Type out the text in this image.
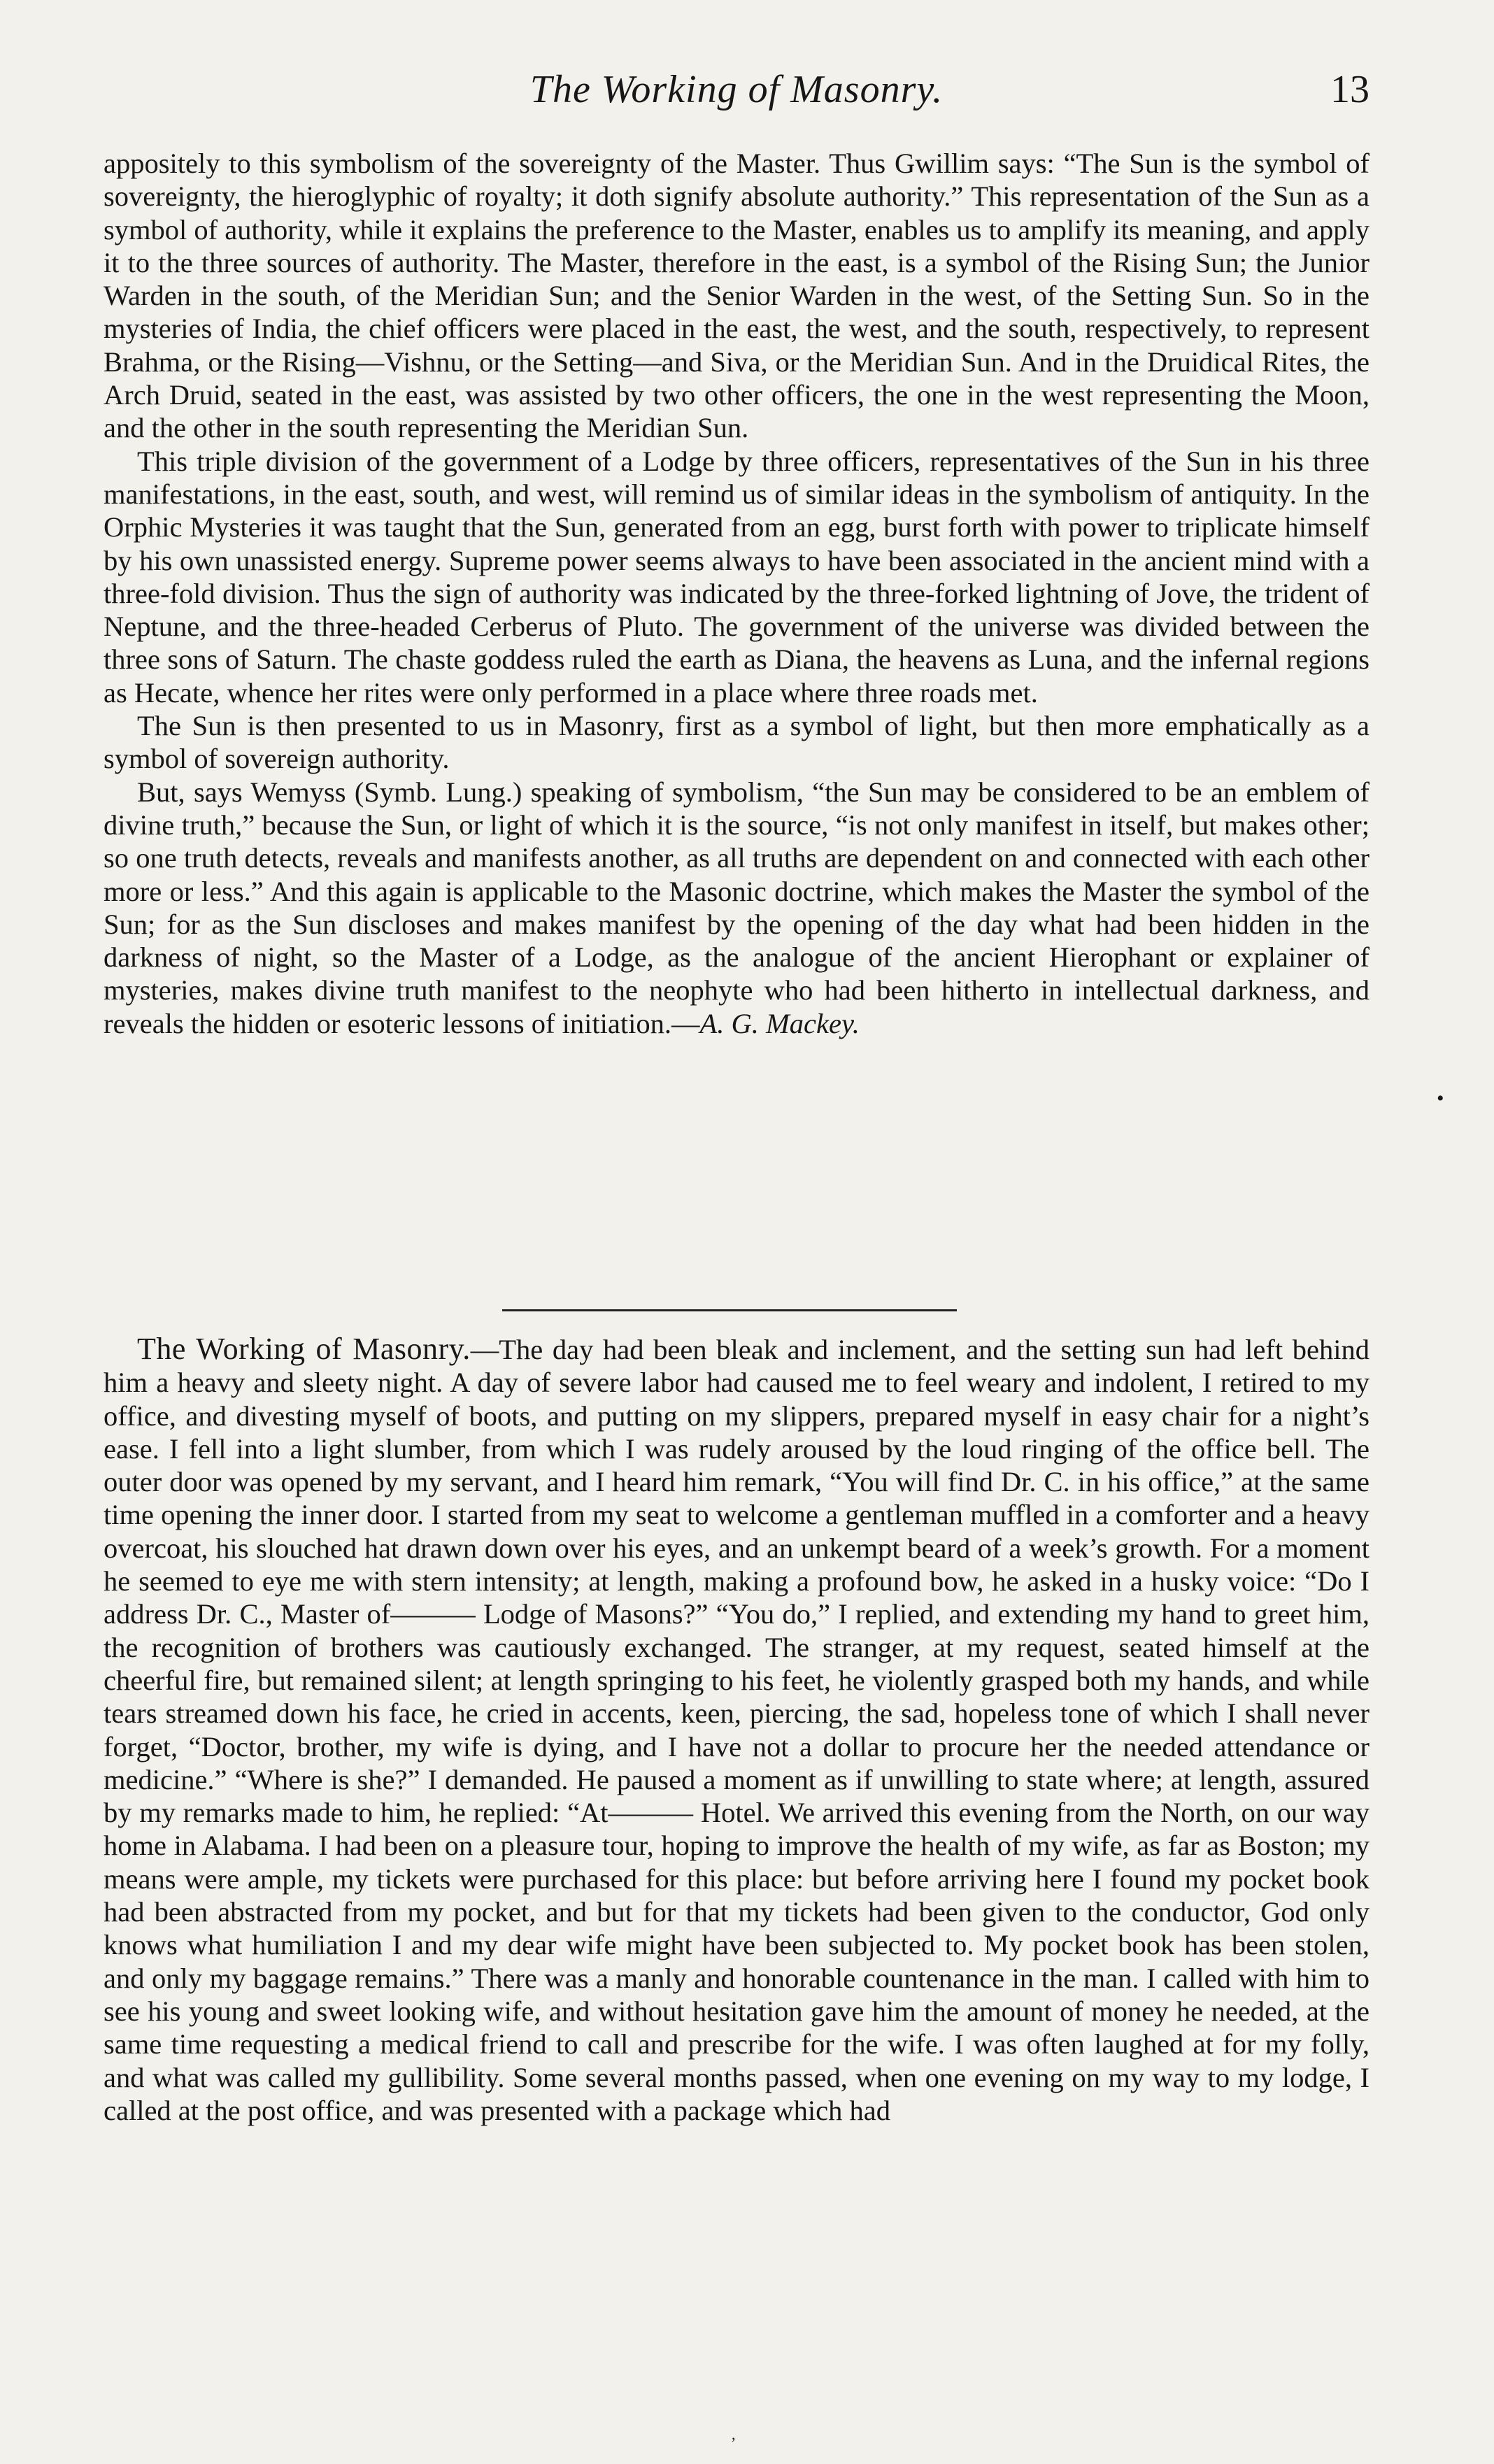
The Working of Masonry.	13

appositely to this symbolism of the sovereignty of the Master. Thus Gwillim says: “The Sun is the symbol of sovereignty, the hieroglyphic of royalty; it doth signify absolute authority.” This representation of the Sun as a symbol of authority, while it explains the preference to the Master, enables us to amplify its meaning, and apply it to the three sources of authority. The Master, therefore in the east, is a symbol of the Rising Sun; the Junior Warden in the south, of the Meridian Sun; and the Senior Warden in the west, of the Setting Sun. So in the mysteries of India, the chief officers were placed in the east, the west, and the south, respectively, to represent Brahma, or the Rising—Vishnu, or the Setting—and Siva, or the Meridian Sun. And in the Druidical Rites, the Arch Druid, seated in the east, was assisted by two other officers, the one in the west representing the Moon, and the other in the south representing the Meridian Sun.

This triple division of the government of a Lodge by three officers, representatives of the Sun in his three manifestations, in the east, south, and west, will remind us of similar ideas in the symbolism of antiquity. In the Orphic Mysteries it was taught that the Sun, generated from an egg, burst forth with power to triplicate himself by his own unassisted energy. Supreme power seems always to have been associated in the ancient mind with a three-fold division. Thus the sign of authority was indicated by the three-forked lightning of Jove, the trident of Neptune, and the three-headed Cerberus of Pluto. The government of the universe was divided between the three sons of Saturn. The chaste goddess ruled the earth as Diana, the heavens as Luna, and the infernal regions as Hecate, whence her rites were only performed in a place where three roads met.

The Sun is then presented to us in Masonry, first as a symbol of light, but then more emphatically as a symbol of sovereign authority.

But, says Wemyss (Symb. Lung.) speaking of symbolism, “the Sun may be considered to be an emblem of divine truth,” because the Sun, or light of which it is the source, “is not only manifest in itself, but makes other; so one truth detects, reveals and manifests another, as all truths are dependent on and connected with each other more or less.” And this again is applicable to the Masonic doctrine, which makes the Master the symbol of the Sun; for as the Sun discloses and makes manifest by the opening of the day what had been hidden in the darkness of night, so the Master of a Lodge, as the analogue of the ancient Hierophant or explainer of mysteries, makes divine truth manifest to the neophyte who had been hitherto in intellectual darkness, and reveals the hidden or esoteric lessons of initiation.—A. G. Mackey.

•

The Working of Masonry.—The day had been bleak and inclement, and the setting sun had left behind him a heavy and sleety night. A day of severe labor had caused me to feel weary and indolent, I retired to my office, and divesting myself of boots, and putting on my slippers, prepared myself in easy chair for a night’s ease. I fell into a light slumber, from which I was rudely aroused by the loud ringing of the office bell. The outer door was opened by my servant, and I heard him remark, “You will find Dr. C. in his office,” at the same time opening the inner door. I started from my seat to welcome a gentleman muffled in a comforter and a heavy overcoat, his slouched hat drawn down over his eyes, and an unkempt beard of a week’s growth. For a moment he seemed to eye me with stern intensity; at length, making a profound bow, he asked in a husky voice: “Do I address Dr. C., Master of——— Lodge of Masons?” “You do,” I replied, and extending my hand to greet him, the recognition of brothers was cautiously exchanged. The stranger, at my request, seated himself at the cheerful fire, but remained silent; at length springing to his feet, he violently grasped both my hands, and while tears streamed down his face, he cried in accents, keen, piercing, the sad, hopeless tone of which I shall never forget, “Doctor, brother, my wife is dying, and I have not a dollar to procure her the needed attendance or medicine.” “Where is she?” I demanded. He paused a moment as if unwilling to state where; at length, assured by my remarks made to him, he replied: “At——— Hotel. We arrived this evening from the North, on our way home in Alabama. I had been on a pleasure tour, hoping to improve the health of my wife, as far as Boston; my means were ample, my tickets were purchased for this place: but before arriving here I found my pocket book had been abstracted from my pocket, and but for that my tickets had been given to the conductor, God only knows what humiliation I and my dear wife might have been subjected to. My pocket book has been stolen, and only my baggage remains.” There was a manly and honorable countenance in the man. I called with him to see his young and sweet looking wife, and without hesitation gave him the amount of money he needed, at the same time requesting a medical friend to call and prescribe for the wife. I was often laughed at for my folly, and what was called my gullibility. Some several months passed, when one evening on my way to my lodge, I called at the post office, and was presented with a package which had

,
